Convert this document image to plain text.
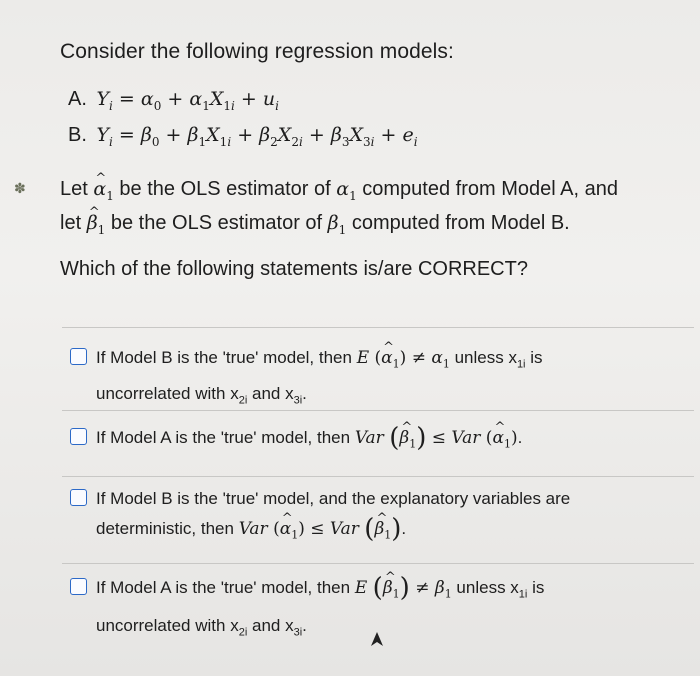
✽
Consider the following regression models:
A. $Y_i = \alpha_0 + \alpha_1X_{1i} + u_i$
B. $Y_i = \beta_0 + \beta_1X_{1i} + \beta_2X_{2i} + \beta_3X_{3i} + e_i$
Let ^ $\alpha_1$ be the OLS estimator of $\alpha_1$ computed from Model A, and
let ^ $\beta_1$ be the OLS estimator of $\beta_1$ computed from Model B.
Which of the following statements is/are CORRECT?
If Model B is the 'true' model, then E (^ $\alpha_1) \ne \alpha_1$ unless $x_{1i}$ is
uncorrelated with $x_{2i}$ and $x_{3i}$.
If Model A is the 'true' model, then Var (^ $\beta_1$) ≤ Var (^ $\alpha_1$).
If Model B is the 'true' model, and the explanatory variables are
deterministic, then Var (^ $\alpha_1$) ≤ Var (^ $\beta_1$).
If Model A is the 'true' model, then E (^ $\beta_1) \ne \beta_1$ unless $x_{1i}$ is
uncorrelated with $x_{2i}$ and $x_{3i}$.
